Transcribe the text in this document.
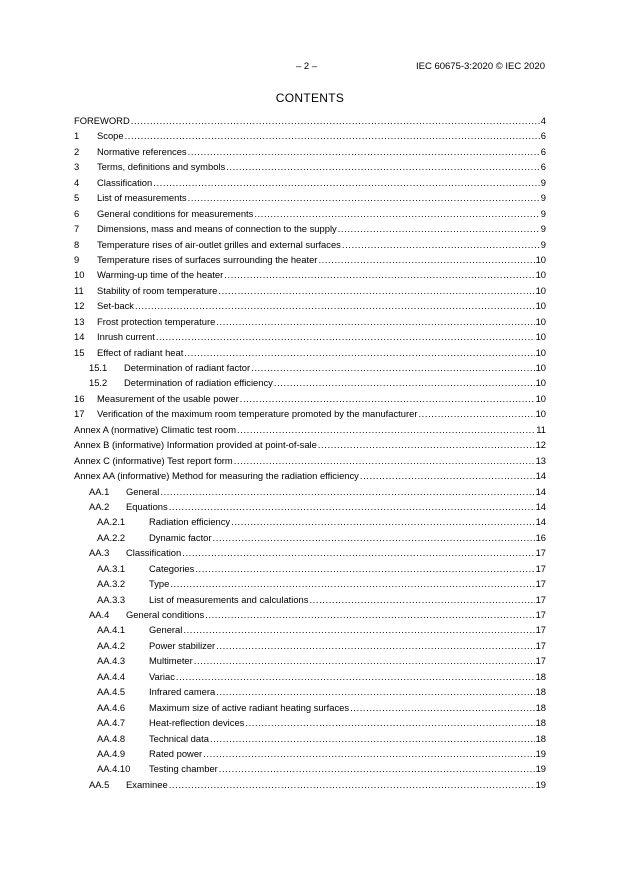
– 2 –	IEC 60675-3:2020 © IEC 2020
CONTENTS
FOREWORD .....	4
1	Scope .....	6
2	Normative references .....	6
3	Terms, definitions and symbols .....	6
4	Classification .....	9
5	List of measurements .....	9
6	General conditions for measurements .....	9
7	Dimensions, mass and means of connection to the supply .....	9
8	Temperature rises of air-outlet grilles and external surfaces .....	9
9	Temperature rises of surfaces surrounding the heater .....	10
10	Warming-up time of the heater .....	10
11	Stability of room temperature .....	10
12	Set-back .....	10
13	Frost protection temperature .....	10
14	Inrush current .....	10
15	Effect of radiant heat .....	10
15.1	Determination of radiant factor .....	10
15.2	Determination of radiation efficiency .....	10
16	Measurement of the usable power .....	10
17	Verification of the maximum room temperature promoted by the manufacturer .....	10
Annex A (normative) Climatic test room .....	11
Annex B (informative) Information provided at point-of-sale .....	12
Annex C (informative) Test report form .....	13
Annex AA (informative) Method for measuring the radiation efficiency .....	14
AA.1	General .....	14
AA.2	Equations .....	14
AA.2.1	Radiation efficiency .....	14
AA.2.2	Dynamic factor .....	16
AA.3	Classification .....	17
AA.3.1	Categories .....	17
AA.3.2	Type .....	17
AA.3.3	List of measurements and calculations .....	17
AA.4	General conditions .....	17
AA.4.1	General .....	17
AA.4.2	Power stabilizer .....	17
AA.4.3	Multimeter .....	17
AA.4.4	Variac .....	18
AA.4.5	Infrared camera .....	18
AA.4.6	Maximum size of active radiant heating surfaces .....	18
AA.4.7	Heat-reflection devices .....	18
AA.4.8	Technical data .....	18
AA.4.9	Rated power .....	19
AA.4.10	Testing chamber .....	19
AA.5	Examinee .....	19
